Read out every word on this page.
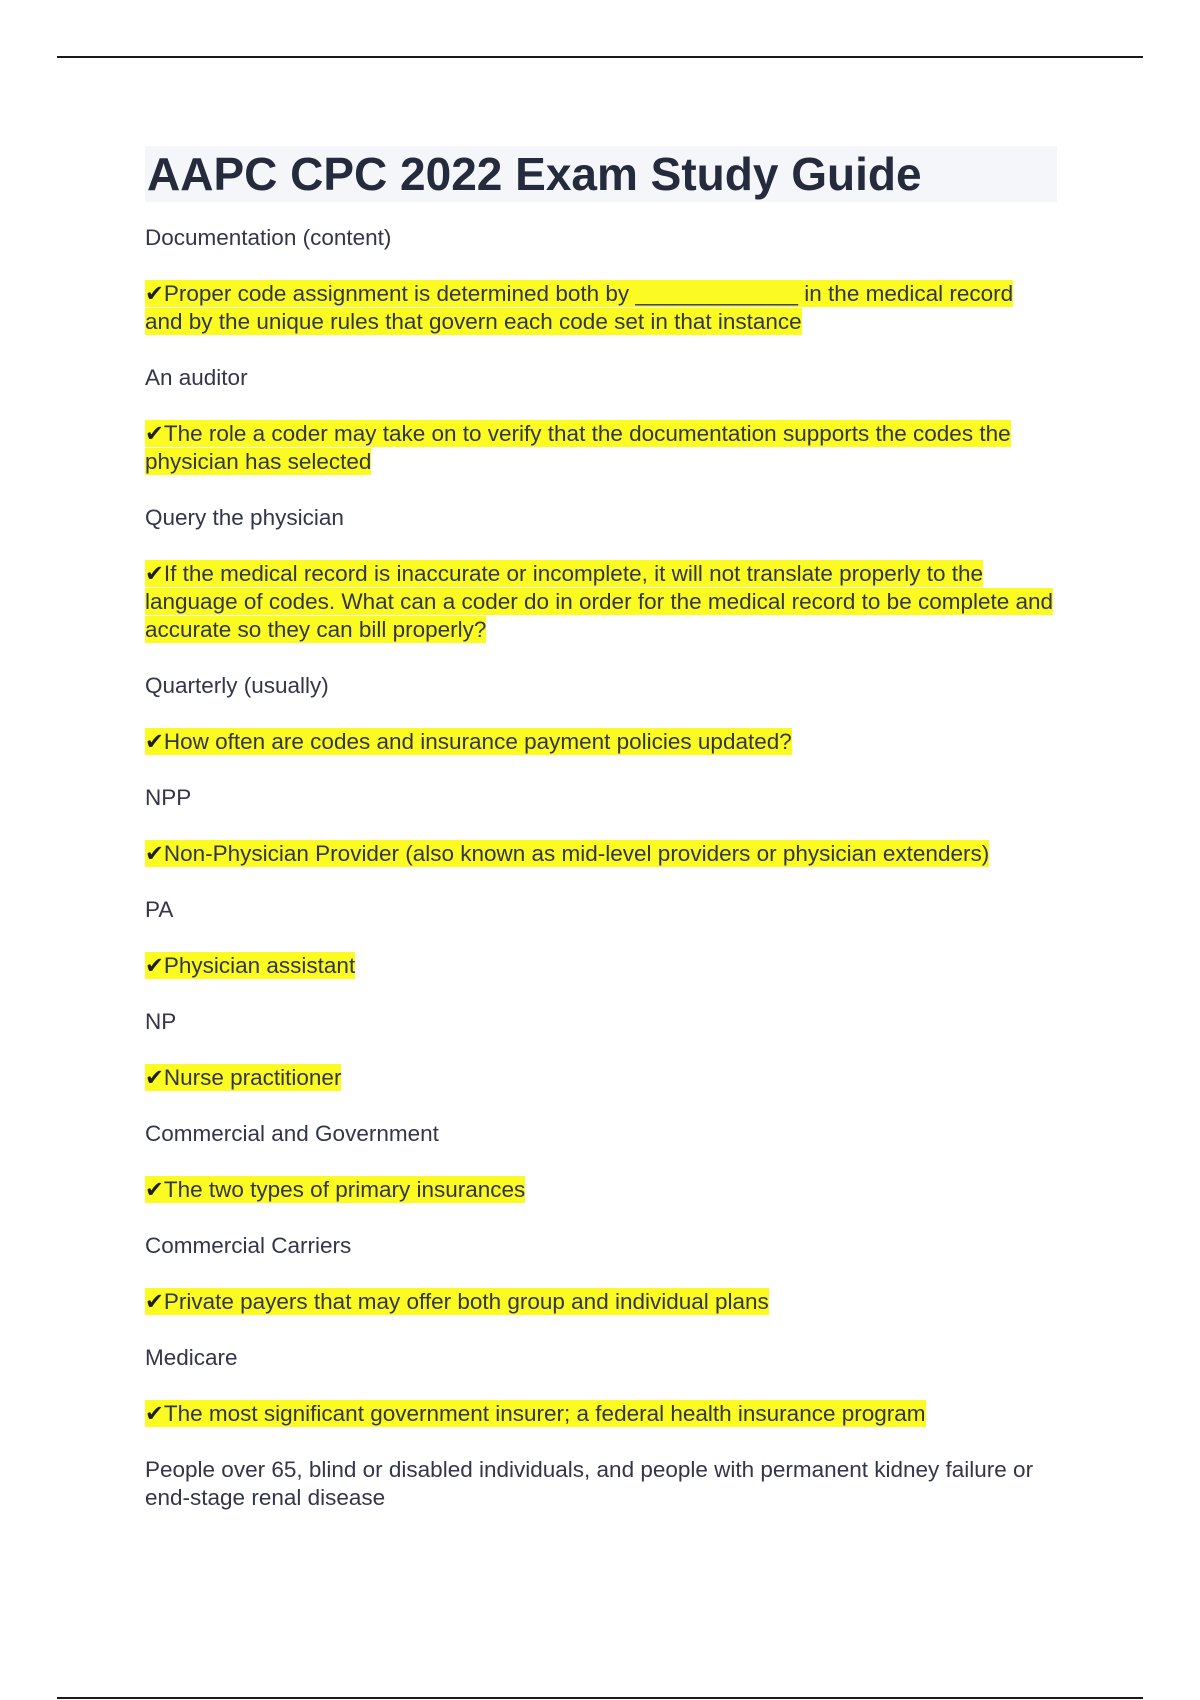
AAPC CPC 2022 Exam Study Guide

Documentation (content)

✔Proper code assignment is determined both by _____________ in the medical record and by the unique rules that govern each code set in that instance

An auditor

✔The role a coder may take on to verify that the documentation supports the codes the physician has selected

Query the physician

✔If the medical record is inaccurate or incomplete, it will not translate properly to the language of codes. What can a coder do in order for the medical record to be complete and accurate so they can bill properly?

Quarterly (usually)

✔How often are codes and insurance payment policies updated?

NPP

✔Non-Physician Provider (also known as mid-level providers or physician extenders)

PA

✔Physician assistant

NP

✔Nurse practitioner

Commercial and Government

✔The two types of primary insurances

Commercial Carriers

✔Private payers that may offer both group and individual plans

Medicare

✔The most significant government insurer; a federal health insurance program

People over 65, blind or disabled individuals, and people with permanent kidney failure or end-stage renal disease
